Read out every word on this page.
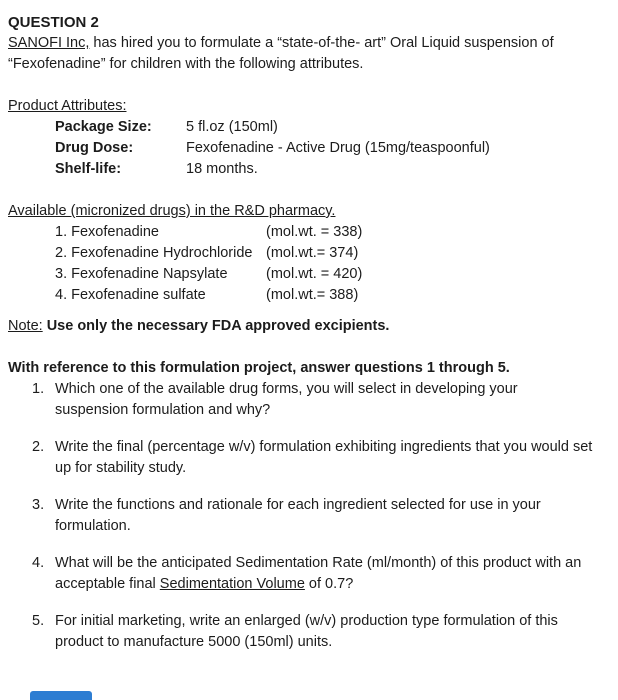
QUESTION 2

SANOFI Inc, has hired you to formulate a “state-of-the- art” Oral Liquid suspension of “Fexofenadine” for children with the following attributes.

Product Attributes:

Package Size:	5 fl.oz (150ml)
Drug Dose:	Fexofenadine - Active Drug (15mg/teaspoonful)
Shelf-life:	18 months.

Available (micronized drugs) in the R&D pharmacy.

1. Fexofenadine	(mol.wt. = 338)
2. Fexofenadine Hydrochloride (mol.wt.= 374)
3. Fexofenadine Napsylate	(mol.wt. = 420)
4. Fexofenadine sulfate	(mol.wt.= 388)

Note: Use only the necessary FDA approved excipients.

With reference to this formulation project, answer questions 1 through 5.

1. Which one of the available drug forms, you will select in developing your suspension formulation and why?
2. Write the final (percentage w/v) formulation exhibiting ingredients that you would set up for stability study.
3. Write the functions and rationale for each ingredient selected for use in your formulation.
4. What will be the anticipated Sedimentation Rate (ml/month) of this product with an acceptable final Sedimentation Volume of 0.7?
5. For initial marketing, write an enlarged (w/v) production type formulation of this product to manufacture 5000 (150ml) units.
